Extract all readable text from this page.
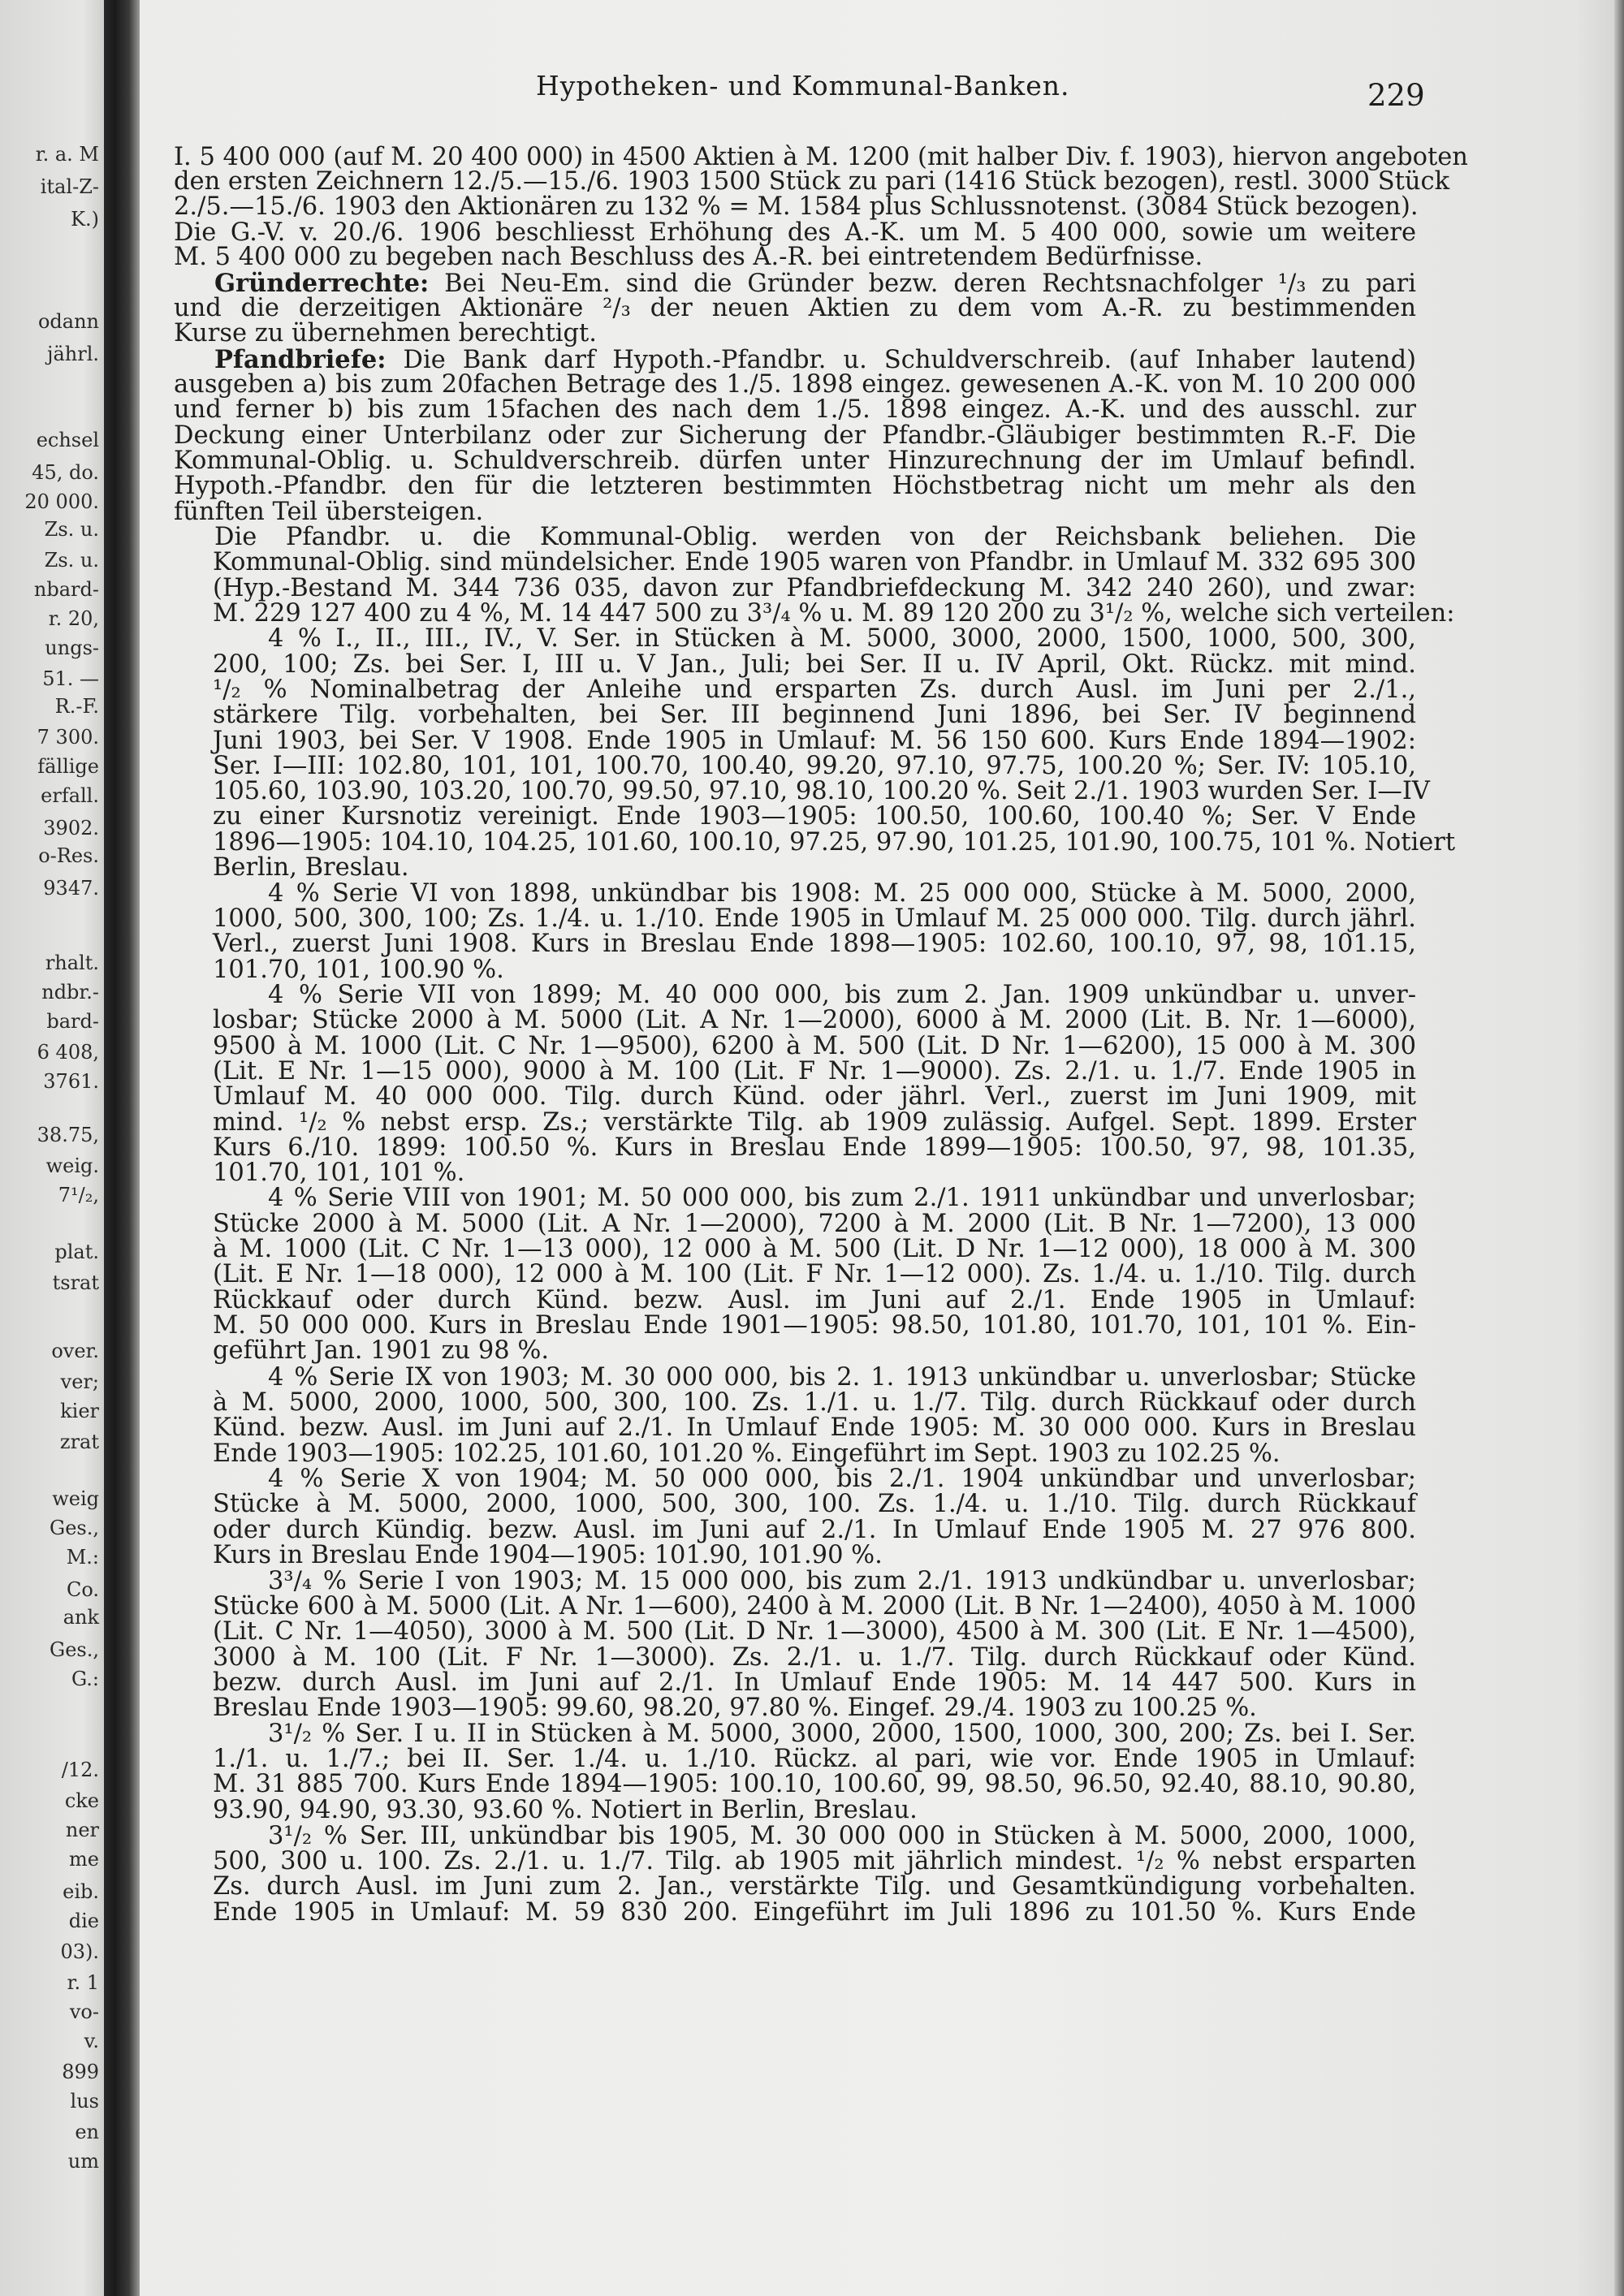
r. a. M
ital-Z-
K.)
odann
jährl.
echsel
45, do.
20 000.
Zs. u.
Zs. u.
nbard-
r. 20,
ungs-
51. —
R.-F.
7 300.
fällige
erfall.
3902.
o-Res.
9347.
rhalt.
ndbr.-
bard-
6 408,
3761.
38.75,
weig.
7¹/₂,
plat.
tsrat
over.
ver;
kier
zrat
weig
Ges.,
M.:
Co.
ank
Ges.,
G.:
/12.
cke
ner
me
eib.
die
03).
r. 1
vo-
v.
899
lus
en
um
Hypotheken- und Kommunal-Banken.	229
I. 5 400 000 (auf M. 20 400 000) in 4500 Aktien à M. 1200 (mit halber Div. f. 1903), hiervon angeboten
den ersten Zeichnern 12./5.—15./6. 1903 1500 Stück zu pari (1416 Stück bezogen), restl. 3000 Stück
2./5.—15./6. 1903 den Aktionären zu 132 % = M. 1584 plus Schlussnotenst. (3084 Stück bezogen).
Die G.-V. v. 20./6. 1906 beschliesst Erhöhung des A.-K. um M. 5 400 000, sowie um weitere
M. 5 400 000 zu begeben nach Beschluss des A.-R. bei eintretendem Bedürfnisse.
Gründerrechte: Bei Neu-Em. sind die Gründer bezw. deren Rechtsnachfolger ¹/₃ zu pari
und die derzeitigen Aktionäre ²/₃ der neuen Aktien zu dem vom A.-R. zu bestimmenden
Kurse zu übernehmen berechtigt.
Pfandbriefe: Die Bank darf Hypoth.-Pfandbr. u. Schuldverschreib. (auf Inhaber lautend)
ausgeben a) bis zum 20fachen Betrage des 1./5. 1898 eingez. gewesenen A.-K. von M. 10 200 000
und ferner b) bis zum 15fachen des nach dem 1./5. 1898 eingez. A.-K. und des ausschl. zur
Deckung einer Unterbilanz oder zur Sicherung der Pfandbr.-Gläubiger bestimmten R.-F. Die
Kommunal-Oblig. u. Schuldverschreib. dürfen unter Hinzurechnung der im Umlauf befindl.
Hypoth.-Pfandbr. den für die letzteren bestimmten Höchstbetrag nicht um mehr als den
fünften Teil übersteigen.
Die Pfandbr. u. die Kommunal-Oblig. werden von der Reichsbank beliehen. Die
Kommunal-Oblig. sind mündelsicher. Ende 1905 waren von Pfandbr. in Umlauf M. 332 695 300
(Hyp.-Bestand M. 344 736 035, davon zur Pfandbriefdeckung M. 342 240 260), und zwar:
M. 229 127 400 zu 4 %, M. 14 447 500 zu 3³/₄ % u. M. 89 120 200 zu 3¹/₂ %, welche sich verteilen:
4 % I., II., III., IV., V. Ser. in Stücken à M. 5000, 3000, 2000, 1500, 1000, 500, 300,
200, 100; Zs. bei Ser. I, III u. V Jan., Juli; bei Ser. II u. IV April, Okt. Rückz. mit mind.
¹/₂ % Nominalbetrag der Anleihe und ersparten Zs. durch Ausl. im Juni per 2./1.,
stärkere Tilg. vorbehalten, bei Ser. III beginnend Juni 1896, bei Ser. IV beginnend
Juni 1903, bei Ser. V 1908. Ende 1905 in Umlauf: M. 56 150 600. Kurs Ende 1894—1902:
Ser. I—III: 102.80, 101, 101, 100.70, 100.40, 99.20, 97.10, 97.75, 100.20 %; Ser. IV: 105.10,
105.60, 103.90, 103.20, 100.70, 99.50, 97.10, 98.10, 100.20 %. Seit 2./1. 1903 wurden Ser. I—IV
zu einer Kursnotiz vereinigt. Ende 1903—1905: 100.50, 100.60, 100.40 %; Ser. V Ende
1896—1905: 104.10, 104.25, 101.60, 100.10, 97.25, 97.90, 101.25, 101.90, 100.75, 101 %. Notiert
Berlin, Breslau.
4 % Serie VI von 1898, unkündbar bis 1908: M. 25 000 000, Stücke à M. 5000, 2000,
1000, 500, 300, 100; Zs. 1./4. u. 1./10. Ende 1905 in Umlauf M. 25 000 000. Tilg. durch jährl.
Verl., zuerst Juni 1908. Kurs in Breslau Ende 1898—1905: 102.60, 100.10, 97, 98, 101.15,
101.70, 101, 100.90 %.
4 % Serie VII von 1899; M. 40 000 000, bis zum 2. Jan. 1909 unkündbar u. unver-
losbar; Stücke 2000 à M. 5000 (Lit. A Nr. 1—2000), 6000 à M. 2000 (Lit. B. Nr. 1—6000),
9500 à M. 1000 (Lit. C Nr. 1—9500), 6200 à M. 500 (Lit. D Nr. 1—6200), 15 000 à M. 300
(Lit. E Nr. 1—15 000), 9000 à M. 100 (Lit. F Nr. 1—9000). Zs. 2./1. u. 1./7. Ende 1905 in
Umlauf M. 40 000 000. Tilg. durch Künd. oder jährl. Verl., zuerst im Juni 1909, mit
mind. ¹/₂ % nebst ersp. Zs.; verstärkte Tilg. ab 1909 zulässig. Aufgel. Sept. 1899. Erster
Kurs 6./10. 1899: 100.50 %. Kurs in Breslau Ende 1899—1905: 100.50, 97, 98, 101.35,
101.70, 101, 101 %.
4 % Serie VIII von 1901; M. 50 000 000, bis zum 2./1. 1911 unkündbar und unverlosbar;
Stücke 2000 à M. 5000 (Lit. A Nr. 1—2000), 7200 à M. 2000 (Lit. B Nr. 1—7200), 13 000
à M. 1000 (Lit. C Nr. 1—13 000), 12 000 à M. 500 (Lit. D Nr. 1—12 000), 18 000 à M. 300
(Lit. E Nr. 1—18 000), 12 000 à M. 100 (Lit. F Nr. 1—12 000). Zs. 1./4. u. 1./10. Tilg. durch
Rückkauf oder durch Künd. bezw. Ausl. im Juni auf 2./1. Ende 1905 in Umlauf:
M. 50 000 000. Kurs in Breslau Ende 1901—1905: 98.50, 101.80, 101.70, 101, 101 %. Ein-
geführt Jan. 1901 zu 98 %.
4 % Serie IX von 1903; M. 30 000 000, bis 2. 1. 1913 unkündbar u. unverlosbar; Stücke
à M. 5000, 2000, 1000, 500, 300, 100. Zs. 1./1. u. 1./7. Tilg. durch Rückkauf oder durch
Künd. bezw. Ausl. im Juni auf 2./1. In Umlauf Ende 1905: M. 30 000 000. Kurs in Breslau
Ende 1903—1905: 102.25, 101.60, 101.20 %. Eingeführt im Sept. 1903 zu 102.25 %.
4 % Serie X von 1904; M. 50 000 000, bis 2./1. 1904 unkündbar und unverlosbar;
Stücke à M. 5000, 2000, 1000, 500, 300, 100. Zs. 1./4. u. 1./10. Tilg. durch Rückkauf
oder durch Kündig. bezw. Ausl. im Juni auf 2./1. In Umlauf Ende 1905 M. 27 976 800.
Kurs in Breslau Ende 1904—1905: 101.90, 101.90 %.
3³/₄ % Serie I von 1903; M. 15 000 000, bis zum 2./1. 1913 undkündbar u. unverlosbar;
Stücke 600 à M. 5000 (Lit. A Nr. 1—600), 2400 à M. 2000 (Lit. B Nr. 1—2400), 4050 à M. 1000
(Lit. C Nr. 1—4050), 3000 à M. 500 (Lit. D Nr. 1—3000), 4500 à M. 300 (Lit. E Nr. 1—4500),
3000 à M. 100 (Lit. F Nr. 1—3000). Zs. 2./1. u. 1./7. Tilg. durch Rückkauf oder Künd.
bezw. durch Ausl. im Juni auf 2./1. In Umlauf Ende 1905: M. 14 447 500. Kurs in
Breslau Ende 1903—1905: 99.60, 98.20, 97.80 %. Eingef. 29./4. 1903 zu 100.25 %.
3¹/₂ % Ser. I u. II in Stücken à M. 5000, 3000, 2000, 1500, 1000, 300, 200; Zs. bei I. Ser.
1./1. u. 1./7.; bei II. Ser. 1./4. u. 1./10. Rückz. al pari, wie vor. Ende 1905 in Umlauf:
M. 31 885 700. Kurs Ende 1894—1905: 100.10, 100.60, 99, 98.50, 96.50, 92.40, 88.10, 90.80,
93.90, 94.90, 93.30, 93.60 %. Notiert in Berlin, Breslau.
3¹/₂ % Ser. III, unkündbar bis 1905, M. 30 000 000 in Stücken à M. 5000, 2000, 1000,
500, 300 u. 100. Zs. 2./1. u. 1./7. Tilg. ab 1905 mit jährlich mindest. ¹/₂ % nebst ersparten
Zs. durch Ausl. im Juni zum 2. Jan., verstärkte Tilg. und Gesamtkündigung vorbehalten.
Ende 1905 in Umlauf: M. 59 830 200. Eingeführt im Juli 1896 zu 101.50 %. Kurs Ende
